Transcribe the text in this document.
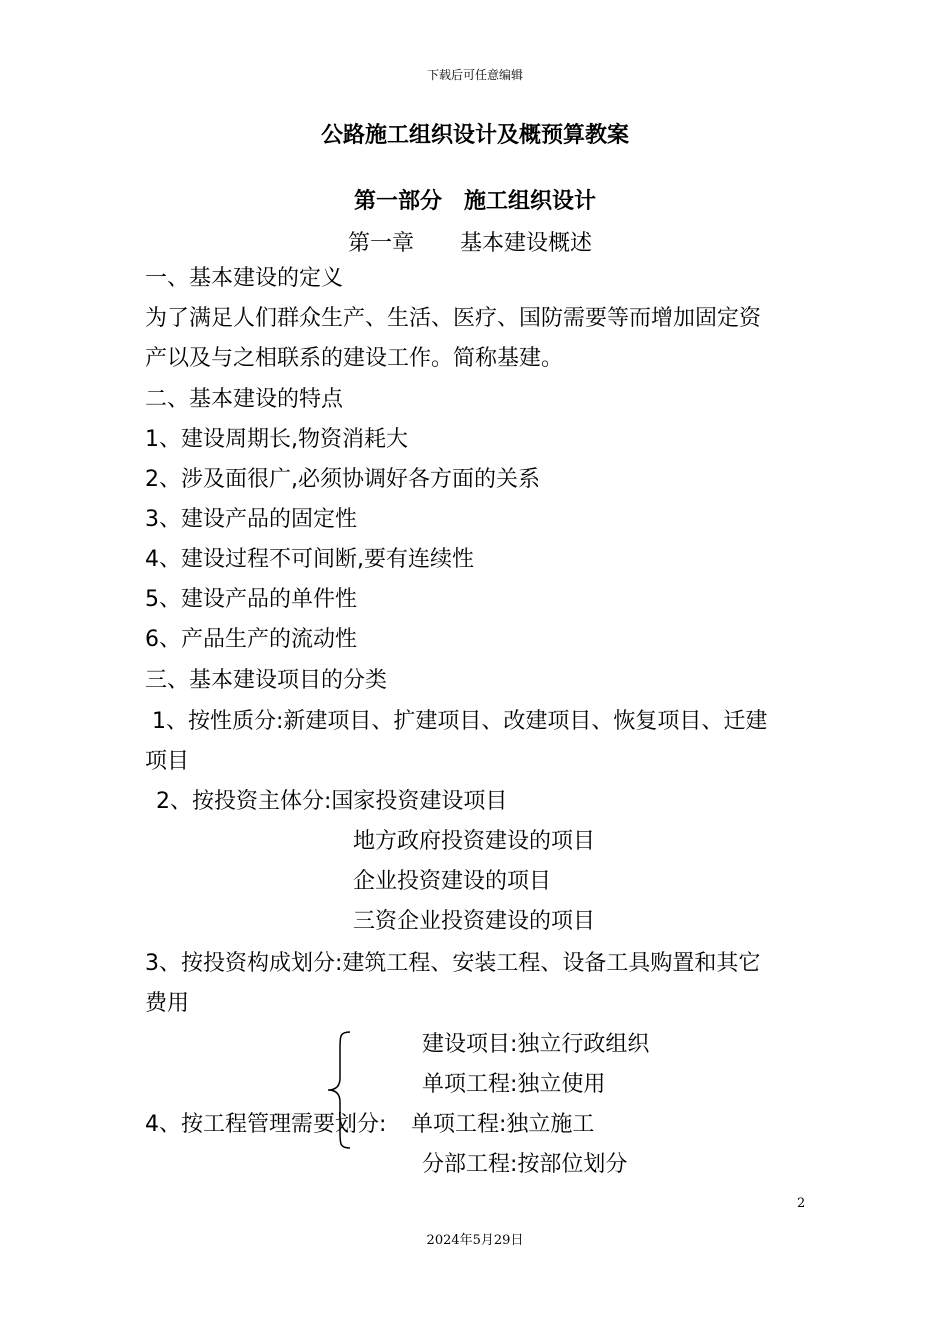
下载后可任意编辑
公路施工组织设计及概预算教案
第一部分　施工组织设计
第一章 基本建设概述
一、基本建设的定义
为了满足人们群众生产、生活、医疗、国防需要等而增加固定资
产以及与之相联系的建设工作。简称基建。
二、基本建设的特点
1、建设周期长,物资消耗大
2、涉及面很广,必须协调好各方面的关系
3、建设产品的固定性
4、建设过程不可间断,要有连续性
5、建设产品的单件性
6、产品生产的流动性
三、基本建设项目的分类
1、按性质分:新建项目、扩建项目、改建项目、恢复项目、迁建
项目
2、按投资主体分:国家投资建设项目
地方政府投资建设的项目
企业投资建设的项目
三资企业投资建设的项目
3、按投资构成划分:建筑工程、安装工程、设备工具购置和其它
费用
建设项目:独立行政组织
单项工程:独立使用
4、按工程管理需要划分: 单项工程:独立施工
分部工程:按部位划分
2
2024年5月29日
